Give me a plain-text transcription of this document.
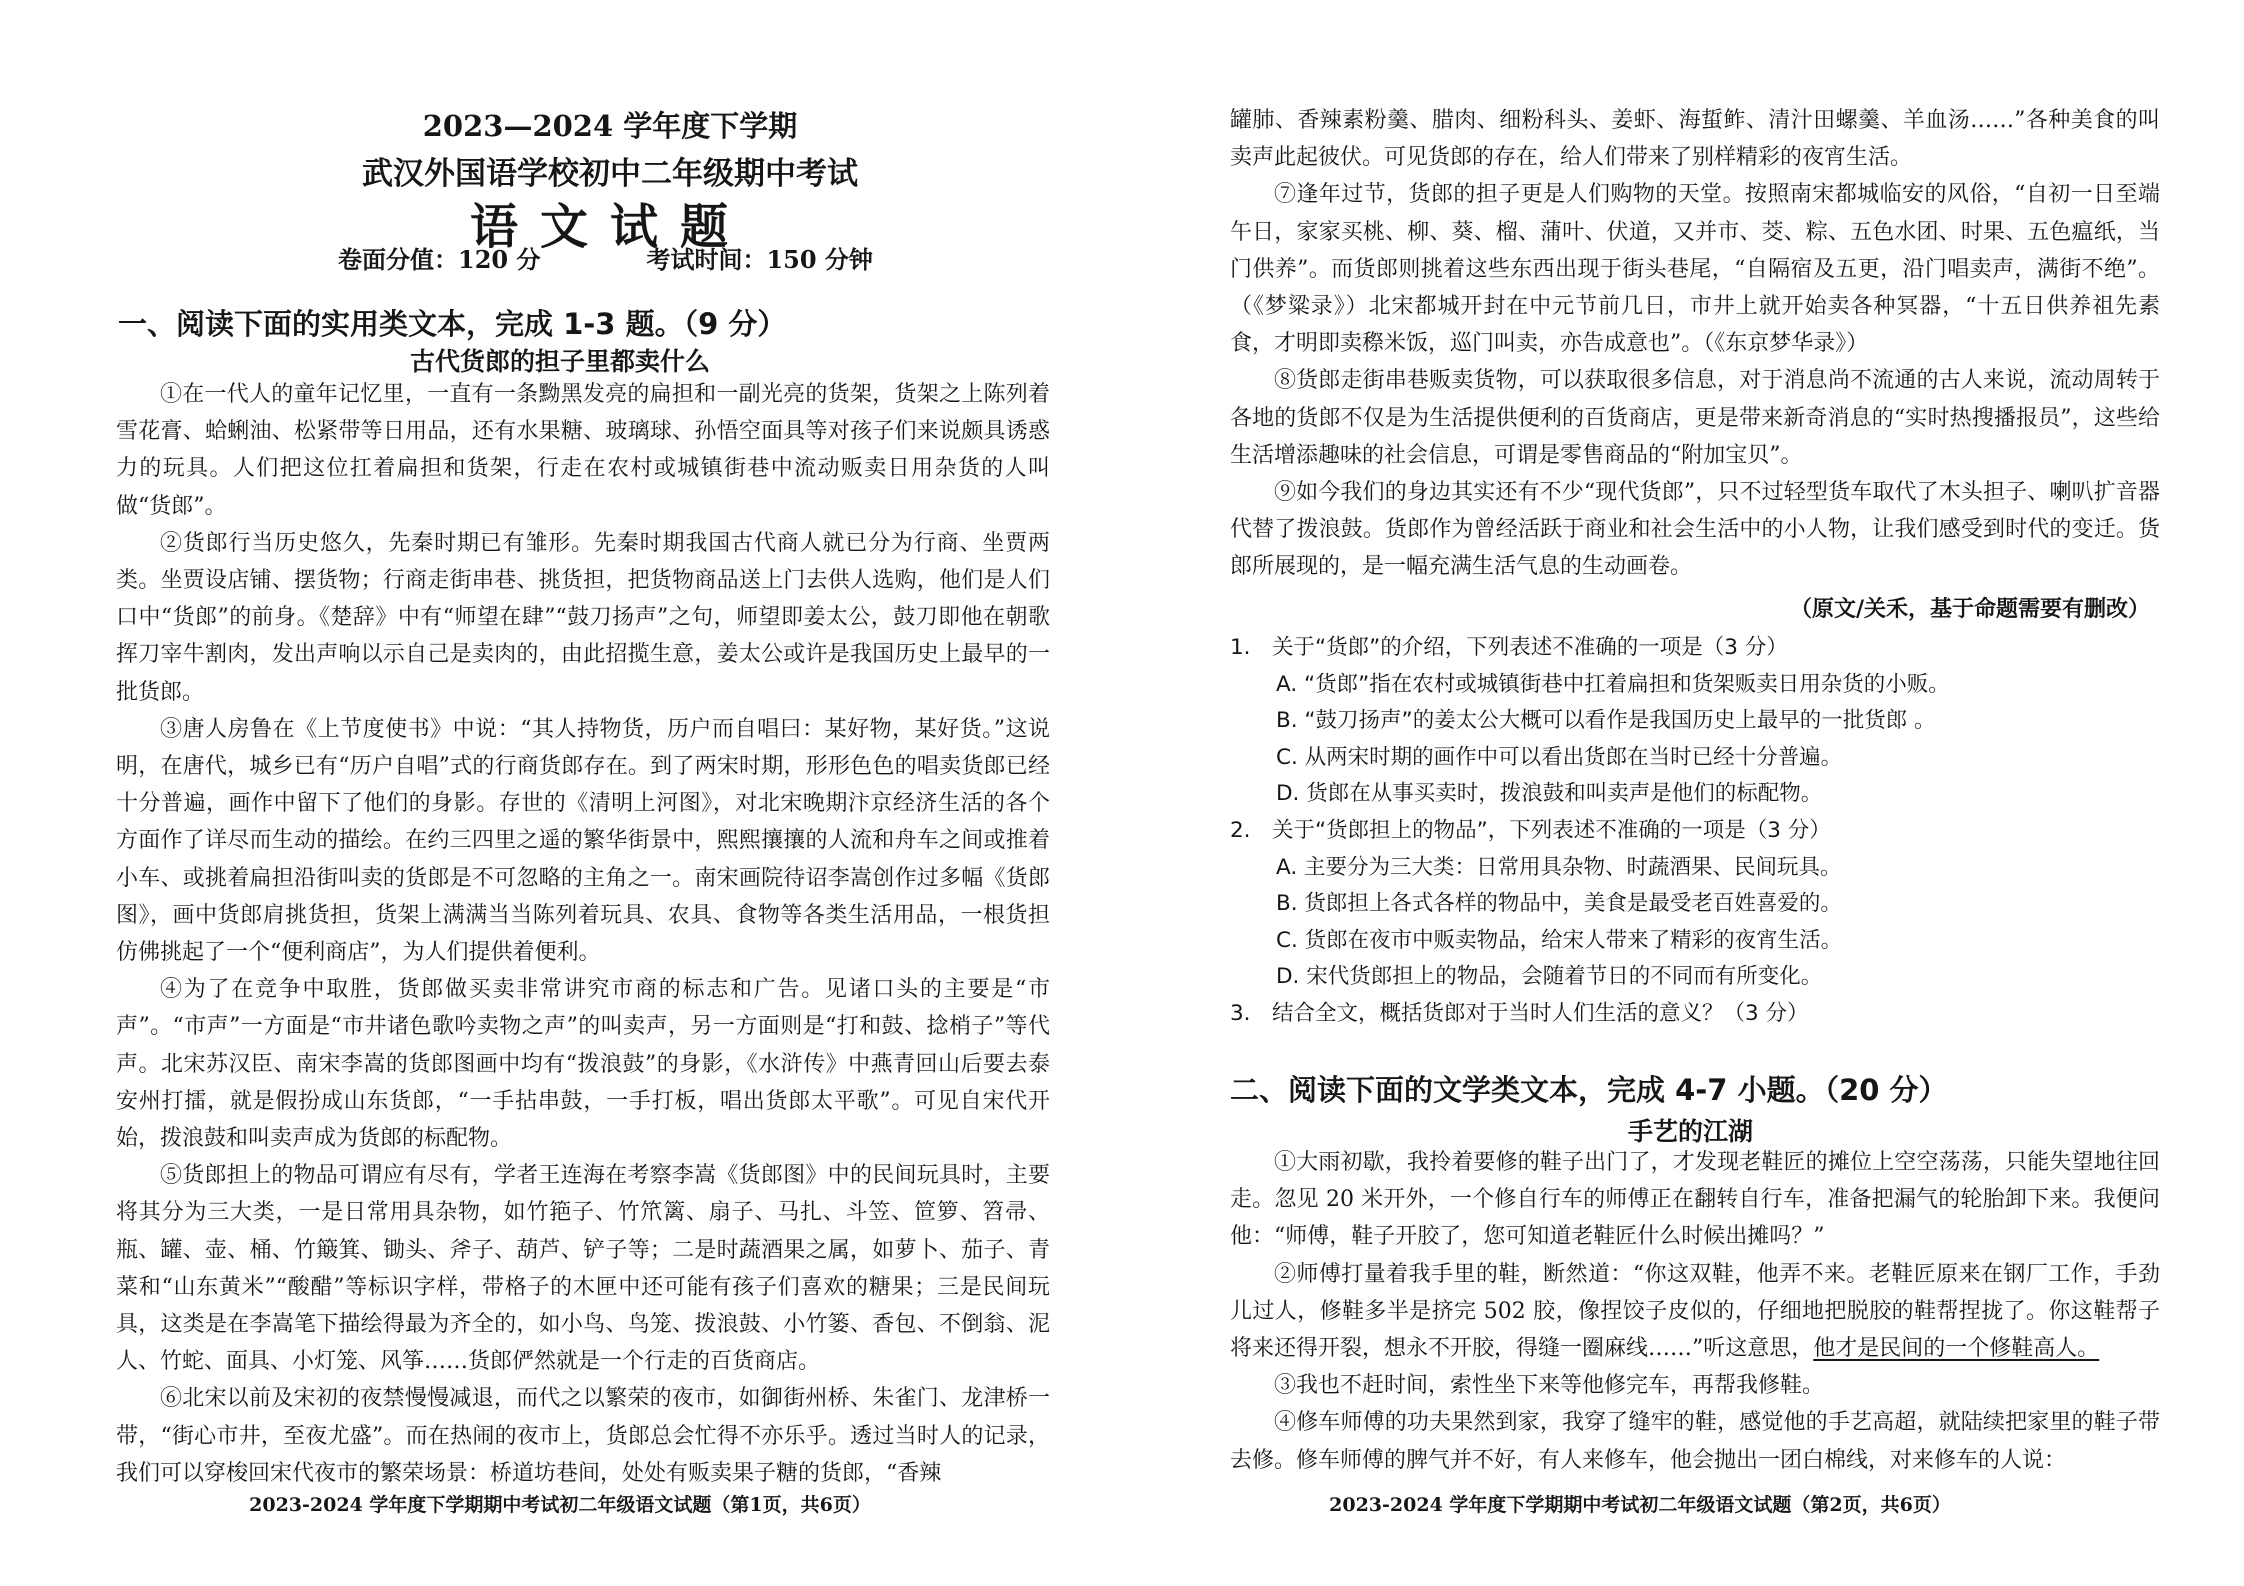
2023—2024 学年度下学期
武汉外国语学校初中二年级期中考试
语文试题
卷面分值：120 分	考试时间：150 分钟
一、阅读下面的实用类文本，完成 1-3 题。（9 分）
古代货郎的担子里都卖什么

①在一代人的童年记忆里，一直有一条黝黑发亮的扁担和一副光亮的货架，货架之上陈列着雪花膏、蛤蜊油、松紧带等日用品，还有水果糖、玻璃球、孙悟空面具等对孩子们来说颇具诱惑力的玩具。人们把这位扛着扁担和货架，行走在农村或城镇街巷中流动贩卖日用杂货的人叫做“货郎”。

②货郎行当历史悠久，先秦时期已有雏形。先秦时期我国古代商人就已分为行商、坐贾两类。坐贾设店铺、摆货物；行商走街串巷、挑货担，把货物商品送上门去供人选购，他们是人们口中“货郎”的前身。《楚辞》中有“师望在肆”“鼓刀扬声”之句，师望即姜太公，鼓刀即他在朝歌挥刀宰牛割肉，发出声响以示自己是卖肉的，由此招揽生意，姜太公或许是我国历史上最早的一批货郎。

③唐人房鲁在《上节度使书》中说：“其人持物货，历户而自唱曰：某好物，某好货。”这说明，在唐代，城乡已有“历户自唱”式的行商货郎存在。到了两宋时期，形形色色的唱卖货郎已经十分普遍，画作中留下了他们的身影。存世的《清明上河图》，对北宋晚期汴京经济生活的各个方面作了详尽而生动的描绘。在约三四里之遥的繁华街景中，熙熙攘攘的人流和舟车之间或推着小车、或挑着扁担沿街叫卖的货郎是不可忽略的主角之一。南宋画院待诏李嵩创作过多幅《货郎图》，画中货郎肩挑货担，货架上满满当当陈列着玩具、农具、食物等各类生活用品，一根货担仿佛挑起了一个“便利商店”，为人们提供着便利。

④为了在竞争中取胜，货郎做买卖非常讲究市商的标志和广告。见诸口头的主要是“市声”。“市声”一方面是“市井诸色歌吟卖物之声”的叫卖声，另一方面则是“打和鼓、捻梢子”等代声。北宋苏汉臣、南宋李嵩的货郎图画中均有“拨浪鼓”的身影，《水浒传》中燕青回山后要去泰安州打擂，就是假扮成山东货郎，“一手拈串鼓，一手打板，唱出货郎太平歌”。可见自宋代开始，拨浪鼓和叫卖声成为货郎的标配物。

⑤货郎担上的物品可谓应有尽有，学者王连海在考察李嵩《货郎图》中的民间玩具时，主要将其分为三大类，一是日常用具杂物，如竹筢子、竹笊篱、扇子、马扎、斗笠、笸箩、笤帚、瓶、罐、壶、桶、竹簸箕、锄头、斧子、葫芦、铲子等；二是时蔬酒果之属，如萝卜、茄子、青菜和“山东黄米”“酸醋”等标识字样，带格子的木匣中还可能有孩子们喜欢的糖果；三是民间玩具，这类是在李嵩笔下描绘得最为齐全的，如小鸟、鸟笼、拨浪鼓、小竹篓、香包、不倒翁、泥人、竹蛇、面具、小灯笼、风筝……货郎俨然就是一个行走的百货商店。

⑥北宋以前及宋初的夜禁慢慢减退，而代之以繁荣的夜市，如御街州桥、朱雀门、龙津桥一带，“街心市井，至夜尤盛”。而在热闹的夜市上，货郎总会忙得不亦乐乎。透过当时人的记录，我们可以穿梭回宋代夜市的繁荣场景：桥道坊巷间，处处有贩卖果子糖的货郎，“香辣

2023-2024 学年度下学期期中考试初二年级语文试题（第1页，共6页）

罐肺、香辣素粉羹、腊肉、细粉科头、姜虾、海蜇鲊、清汁田螺羹、羊血汤……”各种美食的叫卖声此起彼伏。可见货郎的存在，给人们带来了别样精彩的夜宵生活。

⑦逢年过节，货郎的担子更是人们购物的天堂。按照南宋都城临安的风俗，“自初一日至端午日，家家买桃、柳、葵、榴、蒲叶、伏道，又并市、茭、粽、五色水团、时果、五色瘟纸，当门供养”。而货郎则挑着这些东西出现于街头巷尾，“自隔宿及五更，沿门唱卖声，满街不绝”。（《梦粱录》）北宋都城开封在中元节前几日，市井上就开始卖各种冥器，“十五日供养祖先素食，才明即卖穄米饭，巡门叫卖，亦告成意也”。（《东京梦华录》）

⑧货郎走街串巷贩卖货物，可以获取很多信息，对于消息尚不流通的古人来说，流动周转于各地的货郎不仅是为生活提供便利的百货商店，更是带来新奇消息的“实时热搜播报员”，这些给生活增添趣味的社会信息，可谓是零售商品的“附加宝贝”。

⑨如今我们的身边其实还有不少“现代货郎”，只不过轻型货车取代了木头担子、喇叭扩音器代替了拨浪鼓。货郎作为曾经活跃于商业和社会生活中的小人物，让我们感受到时代的变迁。货郎所展现的，是一幅充满生活气息的生动画卷。

（原文/关禾，基于命题需要有删改）
1. 关于“货郎”的介绍，下列表述不准确的一项是（3 分）
A. “货郎”指在农村或城镇街巷中扛着扁担和货架贩卖日用杂货的小贩。
B. “鼓刀扬声”的姜太公大概可以看作是我国历史上最早的一批货郎 。
C. 从两宋时期的画作中可以看出货郎在当时已经十分普遍。
D. 货郎在从事买卖时，拨浪鼓和叫卖声是他们的标配物。
2. 关于“货郎担上的物品”，下列表述不准确的一项是（3 分）
A. 主要分为三大类：日常用具杂物、时蔬酒果、民间玩具。
B. 货郎担上各式各样的物品中，美食是最受老百姓喜爱的。
C. 货郎在夜市中贩卖物品，给宋人带来了精彩的夜宵生活。
D. 宋代货郎担上的物品，会随着节日的不同而有所变化。
3. 结合全文，概括货郎对于当时人们生活的意义？（3 分）
二、阅读下面的文学类文本，完成 4-7 小题。（20 分）
手艺的江湖

①大雨初歇，我拎着要修的鞋子出门了，才发现老鞋匠的摊位上空空荡荡，只能失望地往回走。忽见 20 米开外，一个修自行车的师傅正在翻转自行车，准备把漏气的轮胎卸下来。我便问他：“师傅，鞋子开胶了，您可知道老鞋匠什么时候出摊吗？”

②师傅打量着我手里的鞋，断然道：“你这双鞋，他弄不来。老鞋匠原来在钢厂工作，手劲儿过人，修鞋多半是挤完 502 胶，像捏饺子皮似的，仔细地把脱胶的鞋帮捏拢了。你这鞋帮子将来还得开裂，想永不开胶，得缝一圈麻线……”听这意思，他才是民间的一个修鞋高人。

③我也不赶时间，索性坐下来等他修完车，再帮我修鞋。

④修车师傅的功夫果然到家，我穿了缝牢的鞋，感觉他的手艺高超，就陆续把家里的鞋子带去修。修车师傅的脾气并不好，有人来修车，他会抛出一团白棉线，对来修车的人说：

2023-2024 学年度下学期期中考试初二年级语文试题（第2页，共6页）
